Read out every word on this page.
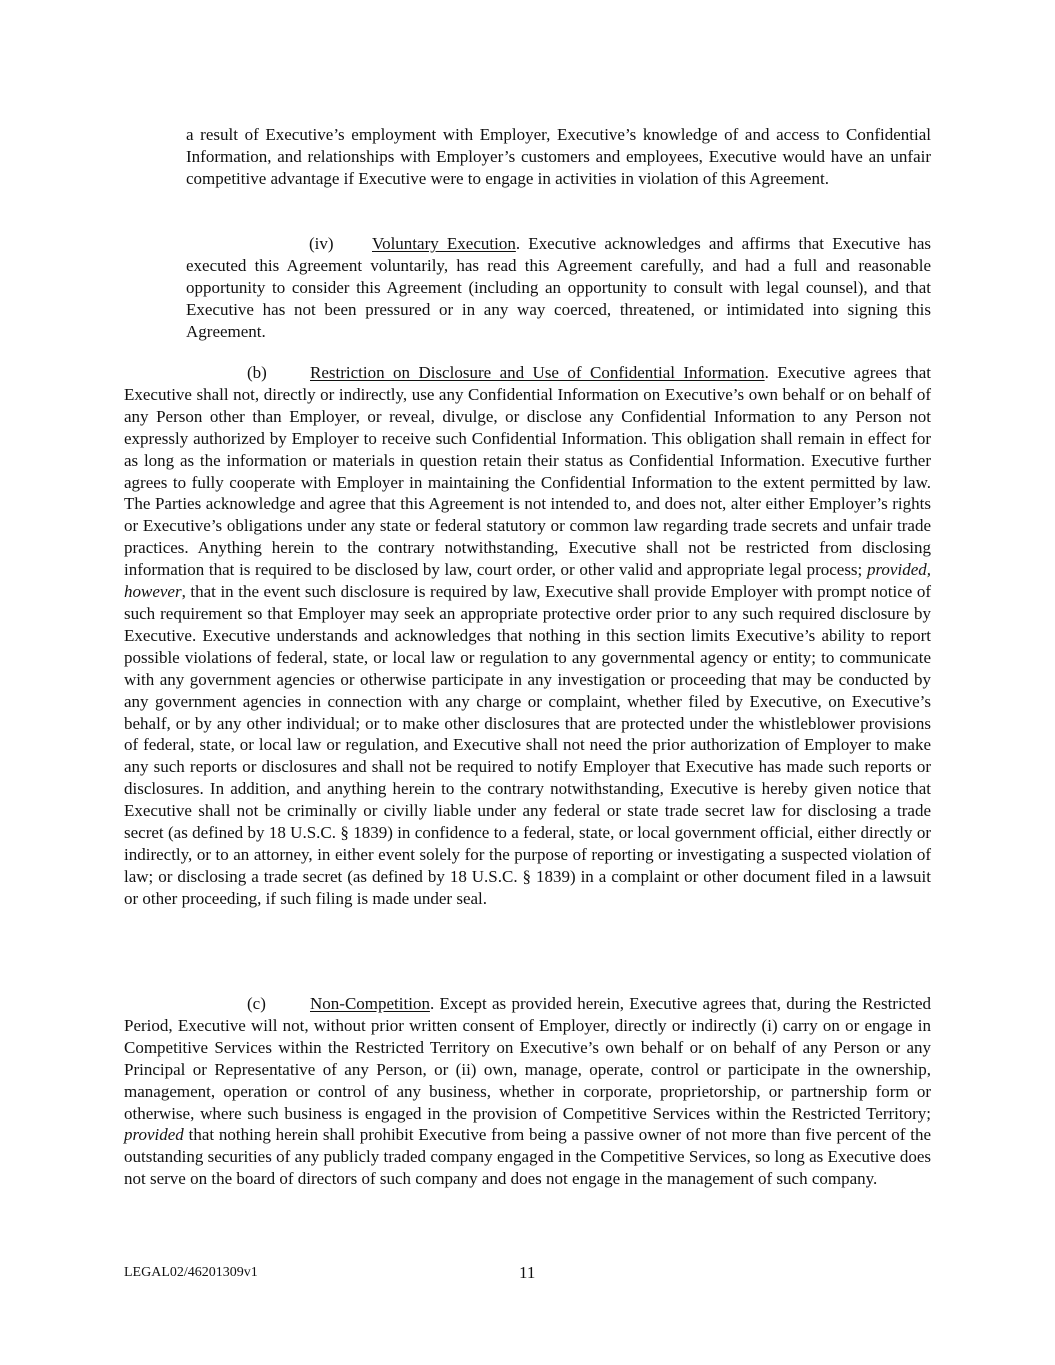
a result of Executive’s employment with Employer, Executive’s knowledge of and access to Confidential Information, and relationships with Employer’s customers and employees, Executive would have an unfair competitive advantage if Executive were to engage in activities in violation of this Agreement.

(iv) Voluntary Execution. Executive acknowledges and affirms that Executive has executed this Agreement voluntarily, has read this Agreement carefully, and had a full and reasonable opportunity to consider this Agreement (including an opportunity to consult with legal counsel), and that Executive has not been pressured or in any way coerced, threatened, or intimidated into signing this Agreement.

(b)	Restriction on Disclosure and Use of Confidential Information. Executive agrees that Executive shall not, directly or indirectly, use any Confidential Information on Executive’s own behalf or on behalf of any Person other than Employer, or reveal, divulge, or disclose any Confidential Information to any Person not expressly authorized by Employer to receive such Confidential Information. This obligation shall remain in effect for as long as the information or materials in question retain their status as Confidential Information. Executive further agrees to fully cooperate with Employer in maintaining the Confidential Information to the extent permitted by law. The Parties acknowledge and agree that this Agreement is not intended to, and does not, alter either Employer’s rights or Executive’s obligations under any state or federal statutory or common law regarding trade secrets and unfair trade practices. Anything herein to the contrary notwithstanding, Executive shall not be restricted from disclosing information that is required to be disclosed by law, court order, or other valid and appropriate legal process; provided, however, that in the event such disclosure is required by law, Executive shall provide Employer with prompt notice of such requirement so that Employer may seek an appropriate protective order prior to any such required disclosure by Executive. Executive understands and acknowledges that nothing in this section limits Executive’s ability to report possible violations of federal, state, or local law or regulation to any governmental agency or entity; to communicate with any government agencies or otherwise participate in any investigation or proceeding that may be conducted by any government agencies in connection with any charge or complaint, whether filed by Executive, on Executive’s behalf, or by any other individual; or to make other disclosures that are protected under the whistleblower provisions of federal, state, or local law or regulation, and Executive shall not need the prior authorization of Employer to make any such reports or disclosures and shall not be required to notify Employer that Executive has made such reports or disclosures. In addition, and anything herein to the contrary notwithstanding, Executive is hereby given notice that Executive shall not be criminally or civilly liable under any federal or state trade secret law for disclosing a trade secret (as defined by 18 U.S.C. § 1839) in confidence to a federal, state, or local government official, either directly or indirectly, or to an attorney, in either event solely for the purpose of reporting or investigating a suspected violation of law; or disclosing a trade secret (as defined by 18 U.S.C. § 1839) in a complaint or other document filed in a lawsuit or other proceeding, if such filing is made under seal.

(c)	Non-Competition. Except as provided herein, Executive agrees that, during the Restricted Period, Executive will not, without prior written consent of Employer, directly or indirectly (i) carry on or engage in Competitive Services within the Restricted Territory on Executive’s own behalf or on behalf of any Person or any Principal or Representative of any Person, or (ii) own, manage, operate, control or participate in the ownership, management, operation or control of any business, whether in corporate, proprietorship, or partnership form or otherwise, where such business is engaged in the provision of Competitive Services within the Restricted Territory; provided that nothing herein shall prohibit Executive from being a passive owner of not more than five percent of the outstanding securities of any publicly traded company engaged in the Competitive Services, so long as Executive does not serve on the board of directors of such company and does not engage in the management of such company.

LEGAL02/46201309v1	11
